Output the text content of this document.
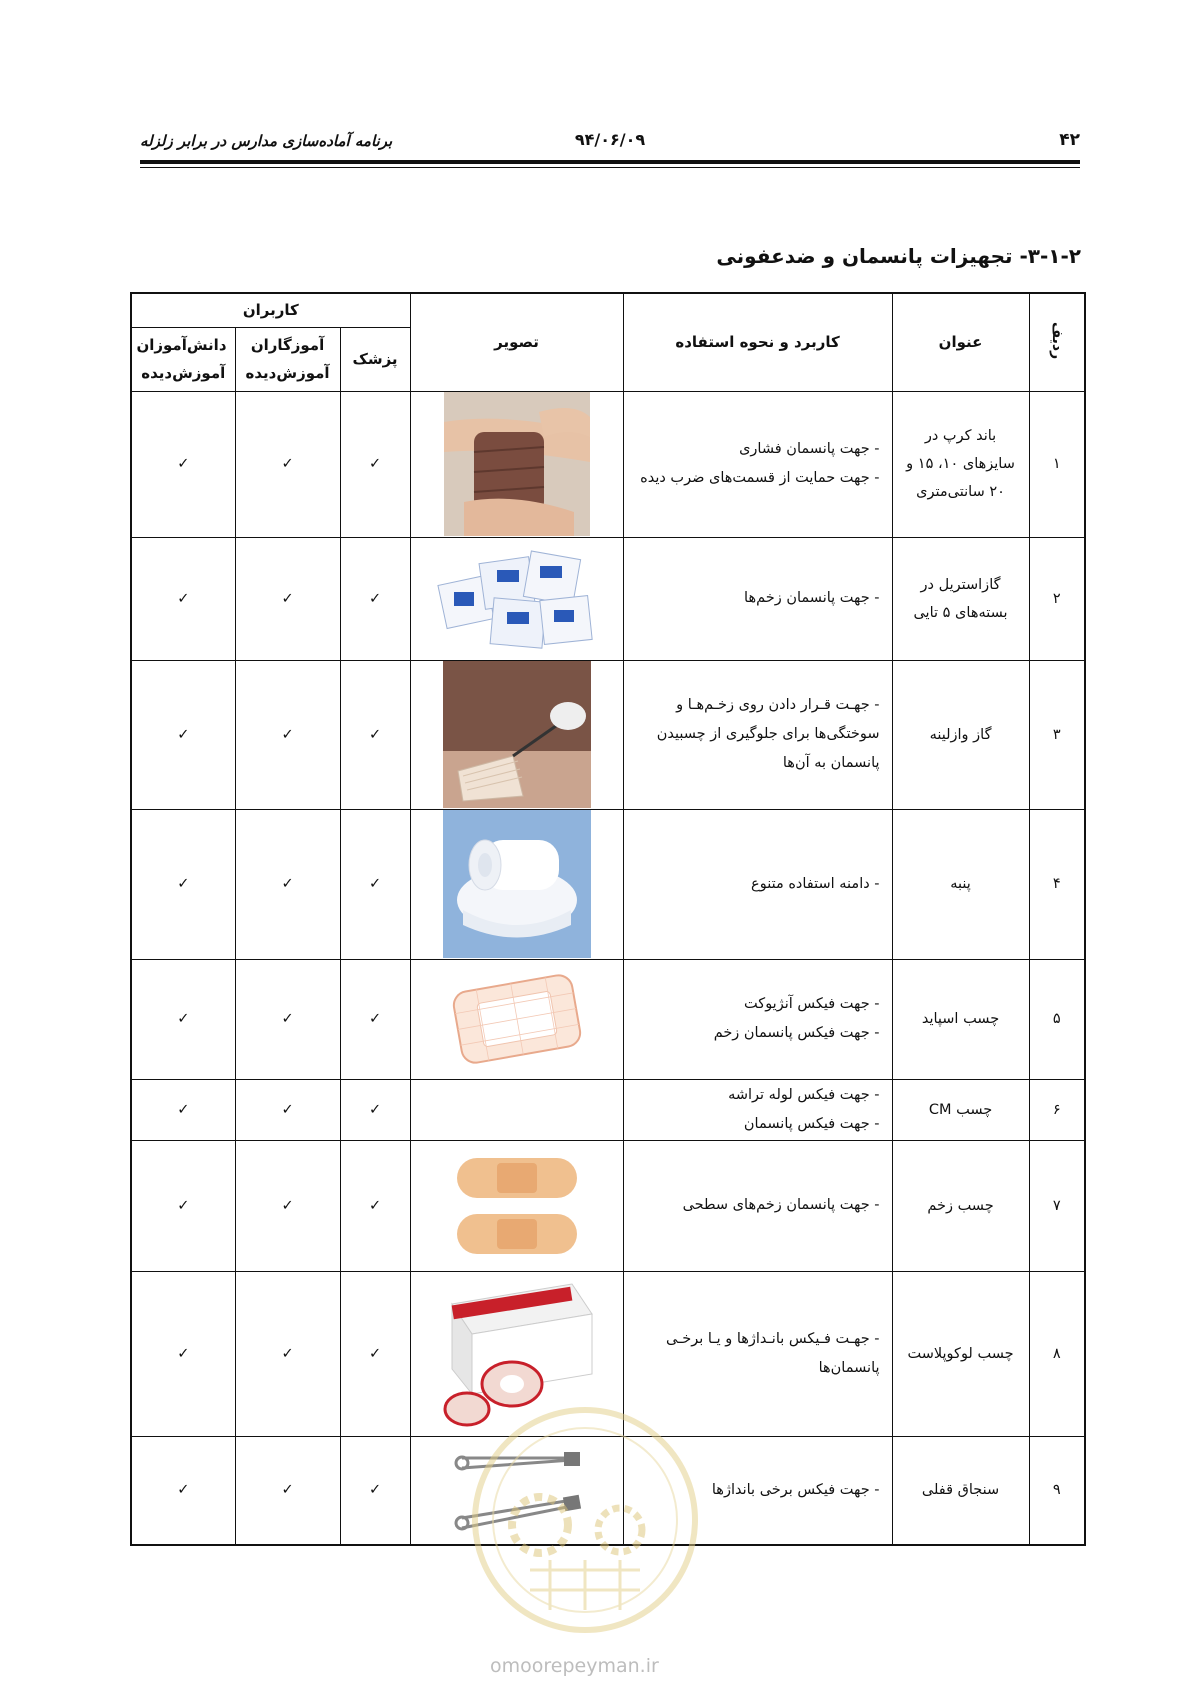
۴۲
۹۴/۰۶/۰۹
برنامه آماده‌سازی مدارس در برابر زلزله
۳-۱-۲- تجهیزات پانسمان و ضدعفونی
ردیف	عنوان	کاربرد و نحوه استفاده	تصویر	کاربران		
				پزشک	آموزگاران آموزش‌دیده	دانش‌آموزان آموزش‌دیده
۱	باند کرپ در سایزهای ۱۰، ۱۵ و ۲۰ سانتی‌متری	- جهت پانسمان فشاری
- جهت حمایت از قسمت‌های ضرب دیده		✓	✓	✓
۲	گازاستریل در بسته‌های ۵ تایی	- جهت پانسمان زخم‌ها		✓	✓	✓
۳	گاز وازلینه	- جهـت قـرار دادن روی زخـم‌هـا و
سوختگی‌ها برای جلوگیری از چسبیدن
پانسمان به آن‌ها		✓	✓	✓
۴	پنبه	- دامنه استفاده متنوع		✓	✓	✓
۵	چسب اسپاید	- جهت فیکس آنژیوکت
- جهت فیکس پانسمان زخم		✓	✓	✓
۶	چسب CM	- جهت فیکس لوله تراشه
- جهت فیکس پانسمان		✓	✓	✓
۷	چسب زخم	- جهت پانسمان زخم‌های سطحی		✓	✓	✓
۸	چسب لوکوپلاست	- جهـت فـیکس بانـداژها و یـا برخـی
پانسمان‌ها		✓	✓	✓
۹	سنجاق قفلی	- جهت فیکس برخی بانداژها		✓	✓	✓
omoorepeyman.ir
